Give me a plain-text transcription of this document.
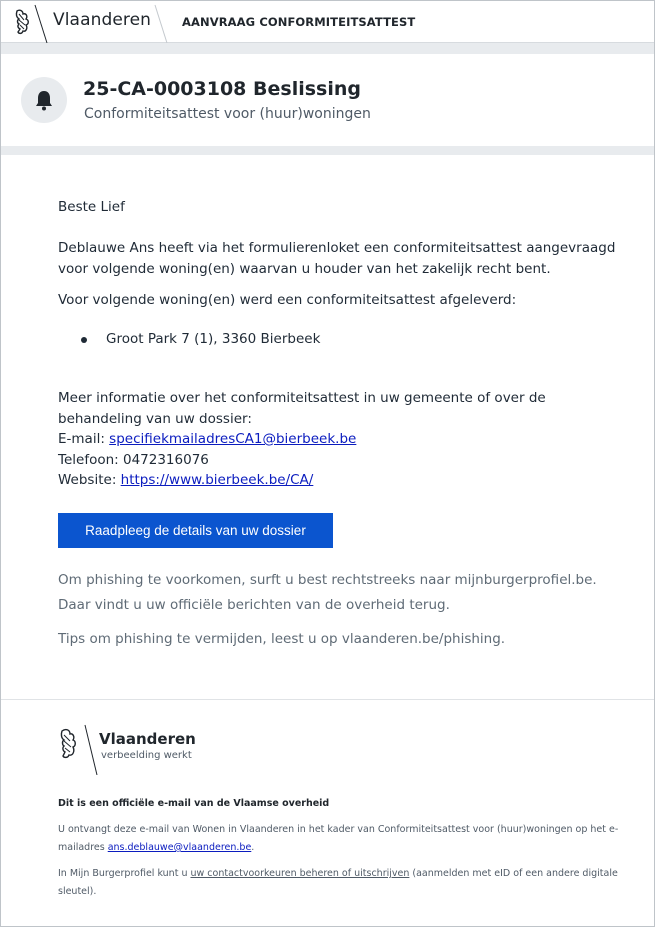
Vlaanderen	AANVRAAG CONFORMITEITSATTEST
25-CA-0003108 Beslissing
Conformiteitsattest voor (huur)woningen
Beste Lief
Deblauwe Ans heeft via het formulierenloket een conformiteitsattest aangevraagd voor volgende woning(en) waarvan u houder van het zakelijk recht bent.
Voor volgende woning(en) werd een conformiteitsattest afgeleverd:
Groot Park 7 (1), 3360 Bierbeek
Meer informatie over het conformiteitsattest in uw gemeente of over de behandeling van uw dossier:
E-mail: specifiekmailadresCA1@bierbeek.be
Telefoon: 0472316076
Website: https://www.bierbeek.be/CA/
Raadpleeg de details van uw dossier
Om phishing te voorkomen, surft u best rechtstreeks naar mijnburgerprofiel.be. Daar vindt u uw officiële berichten van de overheid terug.
Tips om phishing te vermijden, leest u op vlaanderen.be/phishing.
Vlaanderen
verbeelding werkt
Dit is een officiële e-mail van de Vlaamse overheid
U ontvangt deze e-mail van Wonen in Vlaanderen in het kader van Conformiteitsattest voor (huur)woningen op het e-mailadres ans.deblauwe@vlaanderen.be.
In Mijn Burgerprofiel kunt u uw contactvoorkeuren beheren of uitschrijven (aanmelden met eID of een andere digitale sleutel).
